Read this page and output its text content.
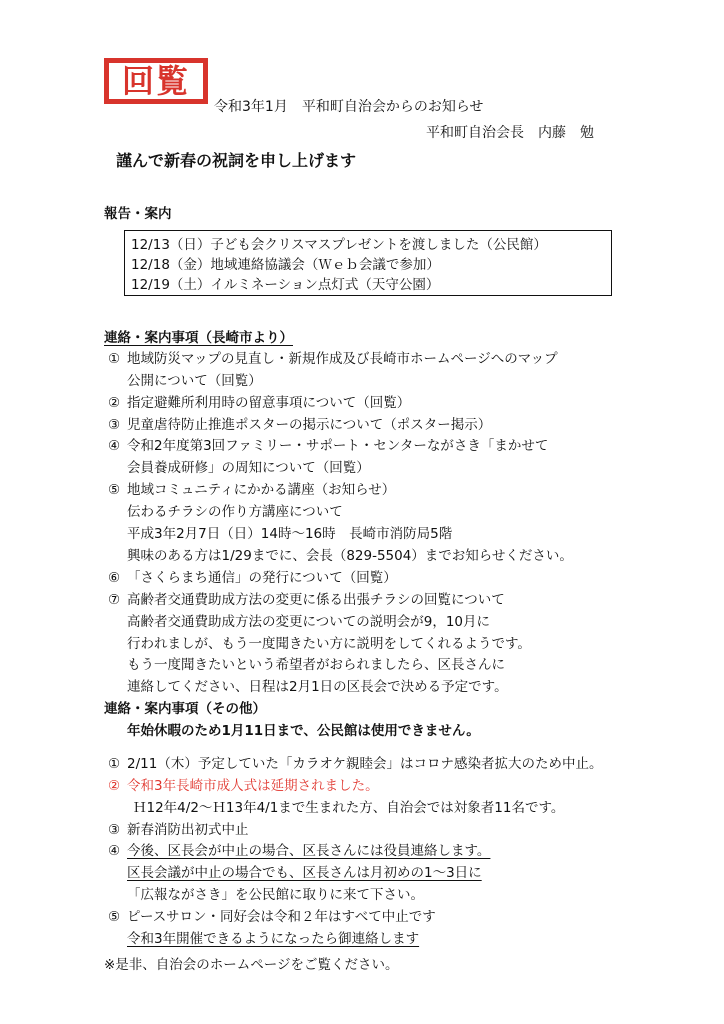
回覧
令和3年1月　平和町自治会からのお知らせ
平和町自治会長　内藤　勉
謹んで新春の祝詞を申し上げます
報告・案内
12/13（日）子ども会クリスマスプレゼントを渡しました（公民館）
12/18（金）地域連絡協議会（Ｗｅｂ会議で参加）
12/19（土）イルミネーション点灯式（天守公園）
連絡・案内事項（長崎市より）
① 地域防災マップの見直し・新規作成及び長崎市ホームページへのマップ
公開について（回覧）
② 指定避難所利用時の留意事項について（回覧）
③ 児童虐待防止推進ポスターの掲示について（ポスター掲示）
④ 令和2年度第3回ファミリー・サポート・センターながさき「まかせて
会員養成研修」の周知について（回覧）
⑤ 地域コミュニティにかかる講座（お知らせ）
伝わるチラシの作り方講座について
平成3年2月7日（日）14時～16時　長崎市消防局5階
興味のある方は1/29までに、会長（829-5504）までお知らせください。
⑥ 「さくらまち通信」の発行について（回覧）
⑦ 高齢者交通費助成方法の変更に係る出張チラシの回覧について
高齢者交通費助成方法の変更についての説明会が9，10月に
行われましが、もう一度聞きたい方に説明をしてくれるようです。
もう一度聞きたいという希望者がおられましたら、区長さんに
連絡してください、日程は2月1日の区長会で決める予定です。
連絡・案内事項（その他）
年始休暇のため1月11日まで、公民館は使用できません。
① 2/11（木）予定していた「カラオケ親睦会」はコロナ感染者拡大のため中止。
② 令和3年長崎市成人式は延期されました。
Ｈ12年4/2～Ｈ13年4/1まで生まれた方、自治会では対象者11名です。
③ 新春消防出初式中止
④ 今後、区長会が中止の場合、区長さんには役員連絡します。
区長会議が中止の場合でも、区長さんは月初めの1～3日に
「広報ながさき」を公民館に取りに来て下さい。
⑤ ピースサロン・同好会は令和２年はすべて中止です
令和3年開催できるようになったら御連絡します
※是非、自治会のホームページをご覧ください。
